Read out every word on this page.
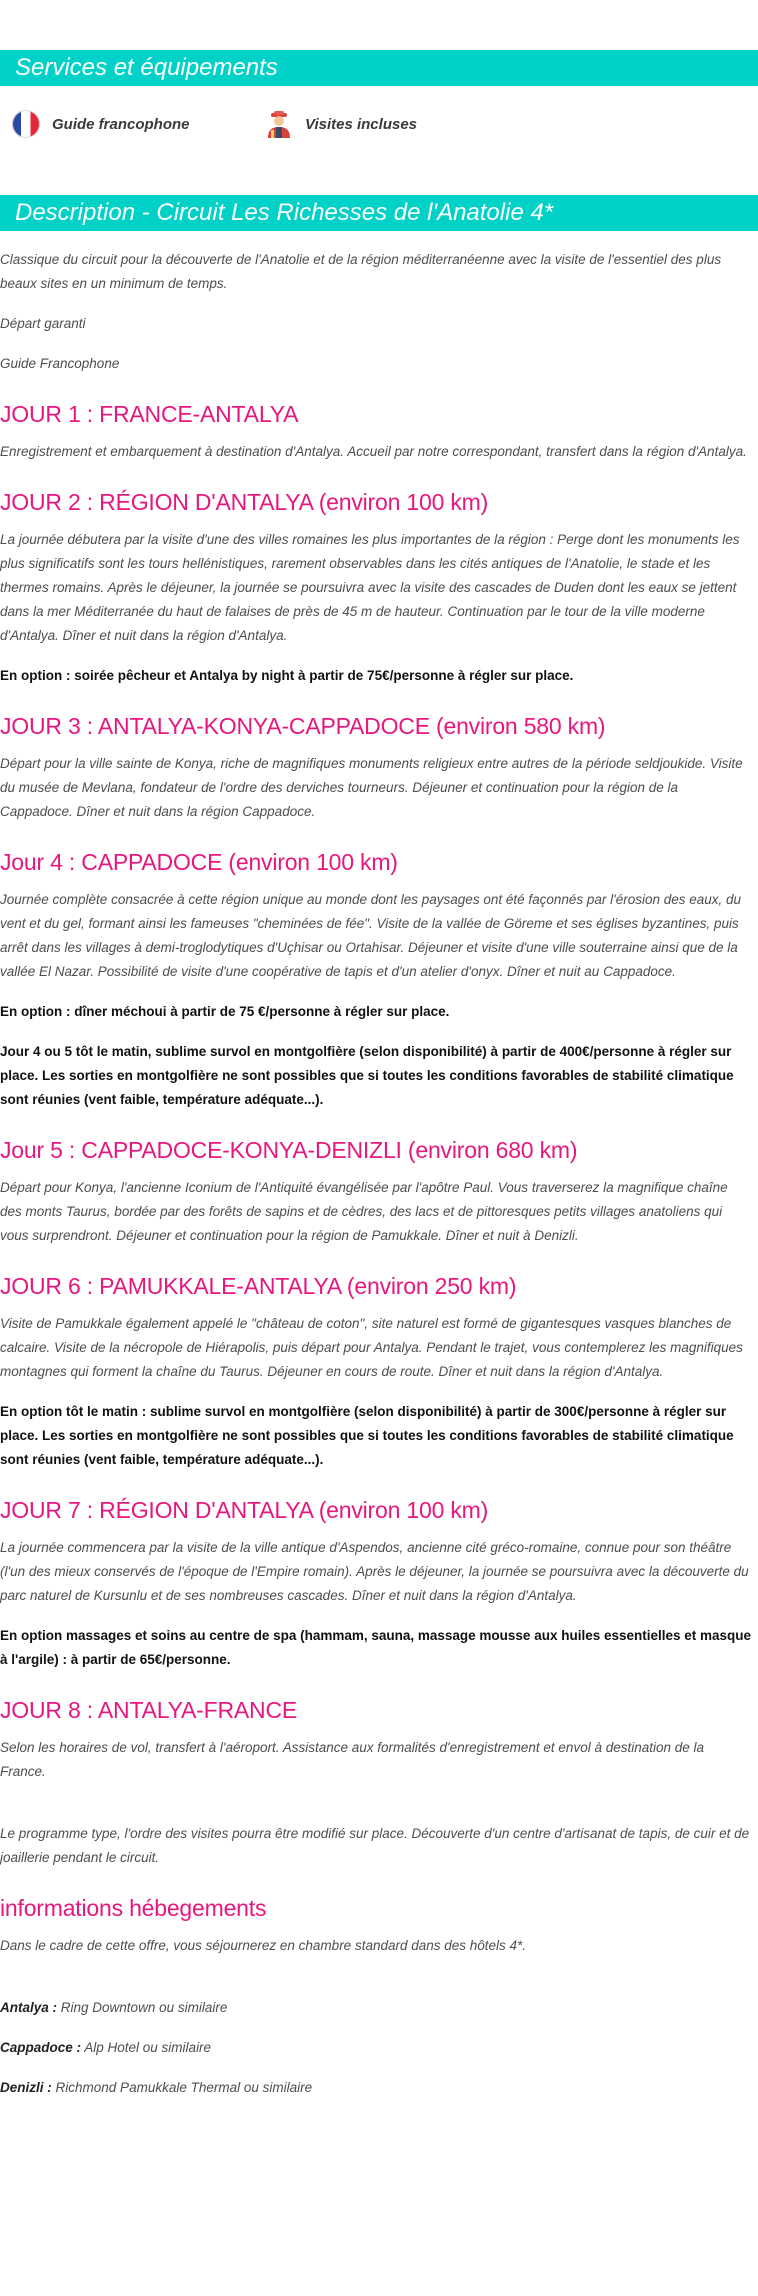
Services et équipements
Guide francophone	Visites incluses
Description - Circuit Les Richesses de l'Anatolie 4*

Classique du circuit pour la découverte de l'Anatolie et de la région méditerranéenne avec la visite de l'essentiel des plus beaux sites en un minimum de temps.

Départ garanti

Guide Francophone

JOUR 1 : FRANCE-ANTALYA

Enregistrement et embarquement à destination d'Antalya. Accueil par notre correspondant, transfert dans la région d'Antalya.

JOUR 2 : RÉGION D'ANTALYA (environ 100 km)

La journée débutera par la visite d'une des villes romaines les plus importantes de la région : Perge dont les monuments les plus significatifs sont les tours hellénistiques, rarement observables dans les cités antiques de l'Anatolie, le stade et les thermes romains. Après le déjeuner, la journée se poursuivra avec la visite des cascades de Duden dont les eaux se jettent dans la mer Méditerranée du haut de falaises de près de 45 m de hauteur. Continuation par le tour de la ville moderne d'Antalya. Dîner et nuit dans la région d'Antalya.

En option : soirée pêcheur et Antalya by night à partir de 75€/personne à régler sur place.

JOUR 3 : ANTALYA-KONYA-CAPPADOCE (environ 580 km)

Départ pour la ville sainte de Konya, riche de magnifiques monuments religieux entre autres de la période seldjoukide. Visite du musée de Mevlana, fondateur de l'ordre des derviches tourneurs. Déjeuner et continuation pour la région de la Cappadoce. Dîner et nuit dans la région Cappadoce.

Jour 4 : CAPPADOCE (environ 100 km)

Journée complète consacrée à cette région unique au monde dont les paysages ont été façonnés par l'érosion des eaux, du vent et du gel, formant ainsi les fameuses "cheminées de fée". Visite de la vallée de Göreme et ses églises byzantines, puis arrêt dans les villages à demi-troglodytiques d'Uçhisar ou Ortahisar. Déjeuner et visite d'une ville souterraine ainsi que de la vallée El Nazar. Possibilité de visite d'une coopérative de tapis et d'un atelier d'onyx. Dîner et nuit au Cappadoce.

En option : dîner méchoui à partir de 75 €/personne à régler sur place.

Jour 4 ou 5 tôt le matin, sublime survol en montgolfière (selon disponibilité) à partir de 400€/personne à régler sur place. Les sorties en montgolfière ne sont possibles que si toutes les conditions favorables de stabilité climatique sont réunies (vent faible, température adéquate...).

Jour 5 : CAPPADOCE-KONYA-DENIZLI (environ 680 km)

Départ pour Konya, l'ancienne Iconium de l'Antiquité évangélisée par l'apôtre Paul. Vous traverserez la magnifique chaîne des monts Taurus, bordée par des forêts de sapins et de cèdres, des lacs et de pittoresques petits villages anatoliens qui vous surprendront. Déjeuner et continuation pour la région de Pamukkale. Dîner et nuit à Denizli.

JOUR 6 : PAMUKKALE-ANTALYA (environ 250 km)

Visite de Pamukkale également appelé le "château de coton", site naturel est formé de gigantesques vasques blanches de calcaire. Visite de la nécropole de Hiérapolis, puis départ pour Antalya. Pendant le trajet, vous contemplerez les magnifiques montagnes qui forment la chaîne du Taurus. Déjeuner en cours de route. Dîner et nuit dans la région d'Antalya.

En option tôt le matin : sublime survol en montgolfière (selon disponibilité) à partir de 300€/personne à régler sur place. Les sorties en montgolfière ne sont possibles que si toutes les conditions favorables de stabilité climatique sont réunies (vent faible, température adéquate...).

JOUR 7 : RÉGION D'ANTALYA (environ 100 km)

La journée commencera par la visite de la ville antique d'Aspendos, ancienne cité gréco-romaine, connue pour son théâtre (l'un des mieux conservés de l'époque de l'Empire romain). Après le déjeuner, la journée se poursuivra avec la découverte du parc naturel de Kursunlu et de ses nombreuses cascades. Dîner et nuit dans la région d'Antalya.

En option massages et soins au centre de spa (hammam, sauna, massage mousse aux huiles essentielles et masque à l'argile) : à partir de 65€/personne.

JOUR 8 : ANTALYA-FRANCE

Selon les horaires de vol, transfert à l'aéroport. Assistance aux formalités d'enregistrement et envol à destination de la France.

Le programme type, l'ordre des visites pourra être modifié sur place. Découverte d'un centre d'artisanat de tapis, de cuir et de joaillerie pendant le circuit.

informations hébegements

Dans le cadre de cette offre, vous séjournerez en chambre standard dans des hôtels 4*.

Antalya : Ring Downtown ou similaire

Cappadoce : Alp Hotel ou similaire

Denizli : Richmond Pamukkale Thermal ou similaire
